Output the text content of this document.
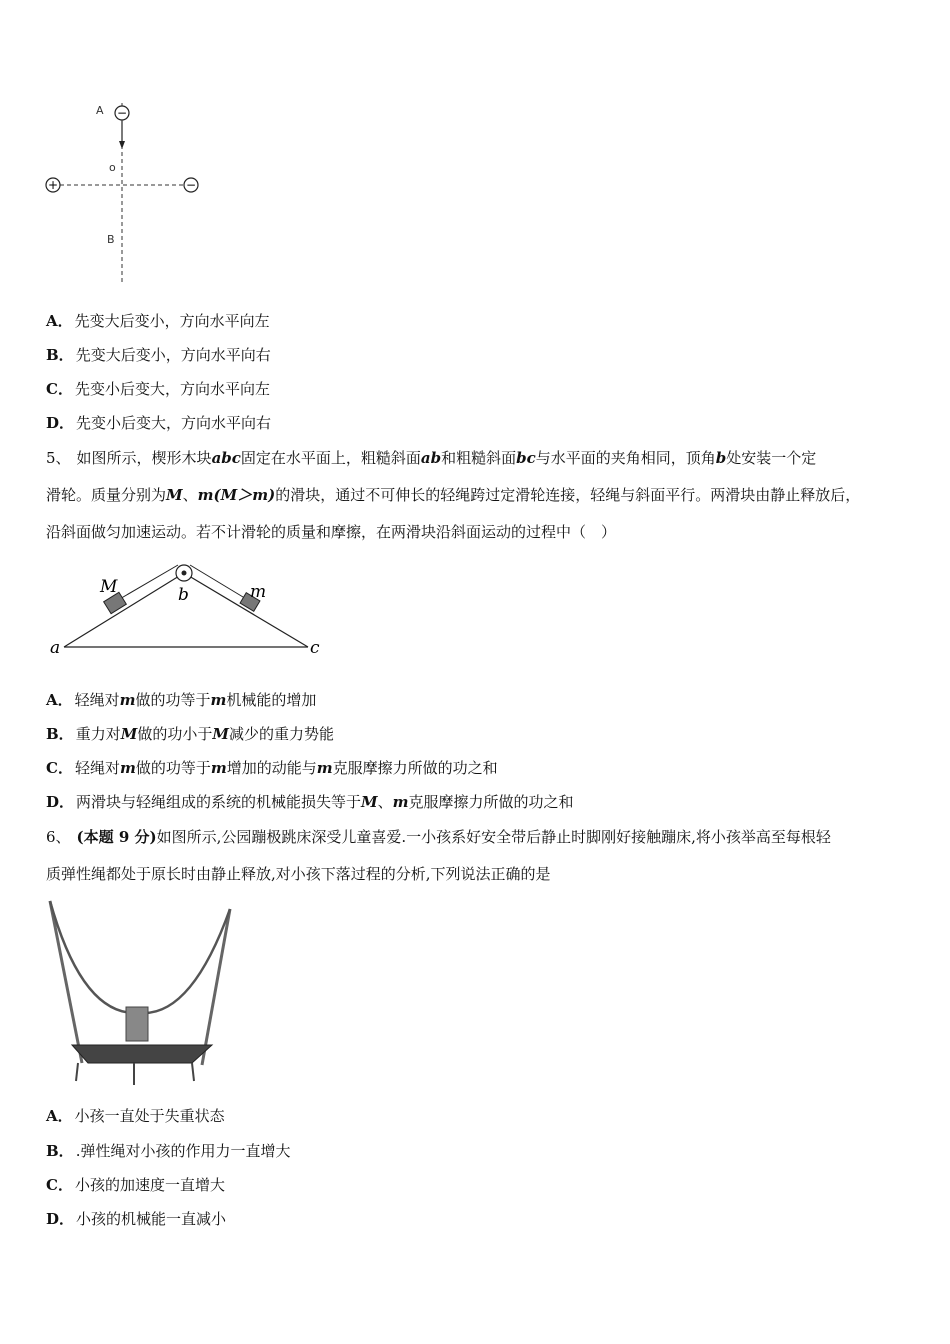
−
+	−
A
o
B
A． 先变大后变小，方向水平向左
B． 先变大后变小，方向水平向右
C． 先变小后变大，方向水平向左
D． 先变小后变大，方向水平向右
5、 如图所示，楔形木块abc固定在水平面上，粗糙斜面ab和粗糙斜面bc与水平面的夹角相同，顶角b处安装一个定
滑轮。质量分别为M、m(M＞m)的滑块，通过不可伸长的轻绳跨过定滑轮连接，轻绳与斜面平行。两滑块由静止释放后，
沿斜面做匀加速运动。若不计滑轮的质量和摩擦，在两滑块沿斜面运动的过程中（　）
M	m
b
a	c
A． 轻绳对m做的功等于m机械能的增加
B． 重力对M做的功小于M减少的重力势能
C． 轻绳对m做的功等于m增加的动能与m克服摩擦力所做的功之和
D． 两滑块与轻绳组成的系统的机械能损失等于M、m克服摩擦力所做的功之和
6、 (本题 9 分)如图所示,公园蹦极跳床深受儿童喜爱.一小孩系好安全带后静止时脚刚好接触蹦床,将小孩举高至每根轻
质弹性绳都处于原长时由静止释放,对小孩下落过程的分析,下列说法正确的是
A． 小孩一直处于失重状态
B． .弹性绳对小孩的作用力一直增大
C． 小孩的加速度一直增大
D． 小孩的机械能一直减小
